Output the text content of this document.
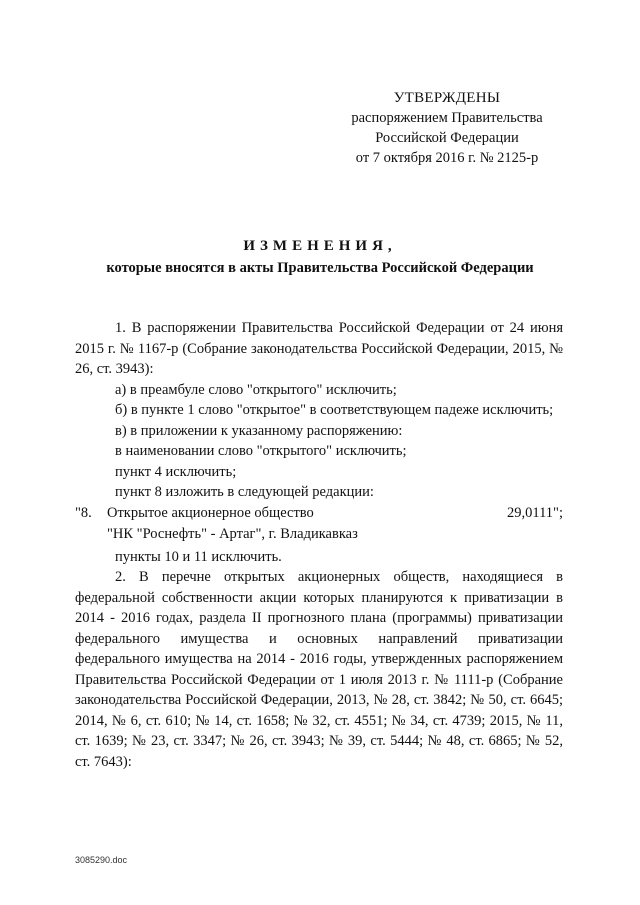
УТВЕРЖДЕНЫ
распоряжением Правительства
Российской Федерации
от 7 октября 2016 г. № 2125-р
ИЗМЕНЕНИЯ,
которые вносятся в акты Правительства Российской Федерации

1. В распоряжении Правительства Российской Федерации от 24 июня 2015 г. № 1167-р (Собрание законодательства Российской Федерации, 2015, № 26, ст. 3943):

а) в преамбуле слово "открытого" исключить;

б) в пункте 1 слово "открытое" в соответствующем падеже исключить;

в) в приложении к указанному распоряжению:

в наименовании слово "открытого" исключить;

пункт 4 исключить;

пункт 8 изложить в следующей редакции:

"8. Открытое акционерное общество
"НК "Роснефть" - Артаг", г. Владикавказ
29,0111";

пункты 10 и 11 исключить.

2. В перечне открытых акционерных обществ, находящиеся в федеральной собственности акции которых планируются к приватизации в 2014 - 2016 годах, раздела II прогнозного плана (программы) приватизации федерального имущества и основных направлений приватизации федерального имущества на 2014 - 2016 годы, утвержденных распоряжением Правительства Российской Федерации от 1 июля 2013 г. № 1111-р (Собрание законодательства Российской Федерации, 2013, № 28, ст. 3842; № 50, ст. 6645; 2014, № 6, ст. 610; № 14, ст. 1658; № 32, ст. 4551; № 34, ст. 4739; 2015, № 11, ст. 1639; № 23, ст. 3347; № 26, ст. 3943; № 39, ст. 5444; № 48, ст. 6865; № 52, ст. 7643):

3085290.doc
